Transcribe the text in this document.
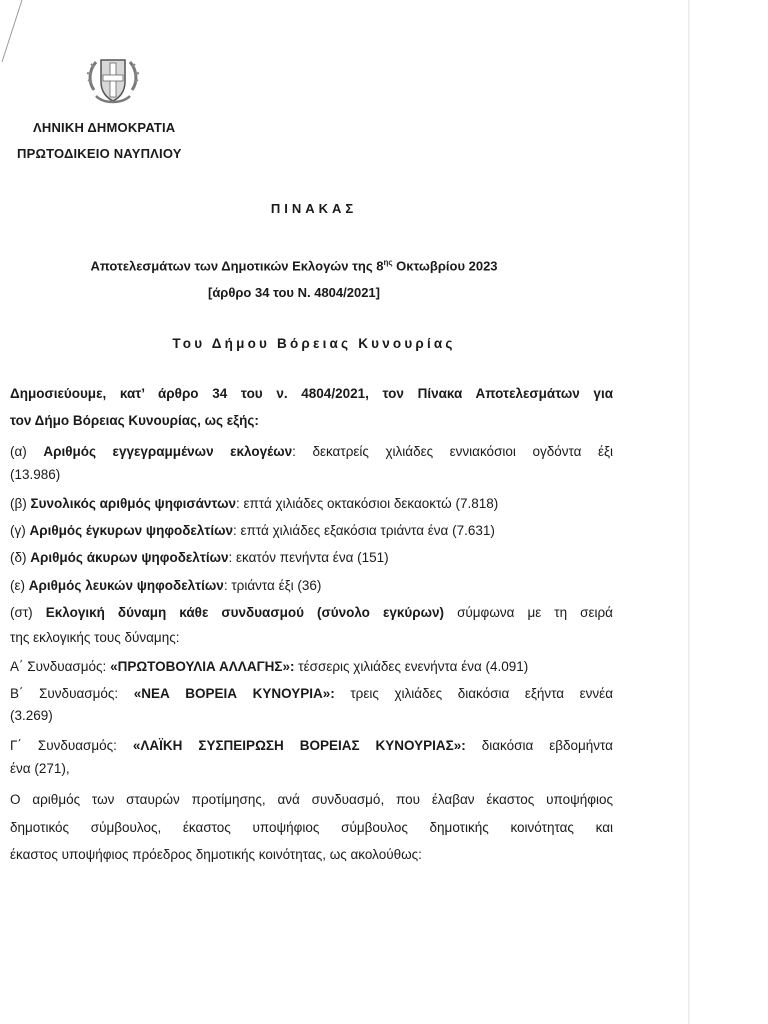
ΛΗΝΙΚΗ ΔΗΜΟΚΡΑΤΙΑ
ΠΡΩΤΟΔΙΚΕΙΟ ΝΑΥΠΛΙΟΥ
ΠΙΝΑΚΑΣ
Αποτελεσμάτων των Δημοτικών Εκλογών της $8^{\eta\varsigma}$ Οκτωβρίου 2023
[άρθρο 34 του Ν. 4804/2021]
Του Δήμου Βόρειας Κυνουρίας
Δημοσιεύουμε, κατ’ άρθρο 34 του ν. 4804/2021, τον Πίνακα Αποτελεσμάτων για
τον Δήμο Βόρειας Κυνουρίας, ως εξής:
(α) Αριθμός εγγεγραμμένων εκλογέων: δεκατρείς χιλιάδες εννιακόσιοι ογδόντα έξι
(13.986)
(β) Συνολικός αριθμός ψηφισάντων: επτά χιλιάδες οκτακόσιοι δεκαοκτώ (7.818)
(γ) Αριθμός έγκυρων ψηφοδελτίων: επτά χιλιάδες εξακόσια τριάντα ένα (7.631)
(δ) Αριθμός άκυρων ψηφοδελτίων: εκατόν πενήντα ένα (151)
(ε) Αριθμός λευκών ψηφοδελτίων: τριάντα έξι (36)
(στ) Εκλογική δύναμη κάθε συνδυασμού (σύνολο εγκύρων) σύμφωνα με τη σειρά
της εκλογικής τους δύναμης:
Α΄ Συνδυασμός: «ΠΡΩΤΟΒΟΥΛΙΑ ΑΛΛΑΓΗΣ»: τέσσερις χιλιάδες ενενήντα ένα (4.091)
Β΄ Συνδυασμός: «ΝΕΑ ΒΟΡΕΙΑ ΚΥΝΟΥΡΙΑ»: τρεις χιλιάδες διακόσια εξήντα εννέα
(3.269)
Γ΄ Συνδυασμός: «ΛΑΪΚΗ ΣΥΣΠΕΙΡΩΣΗ ΒΟΡΕΙΑΣ ΚΥΝΟΥΡΙΑΣ»: διακόσια εβδομήντα
ένα (271),
Ο αριθμός των σταυρών προτίμησης, ανά συνδυασμό, που έλαβαν έκαστος υποψήφιος
δημοτικός σύμβουλος, έκαστος υποψήφιος σύμβουλος δημοτικής κοινότητας και
έκαστος υποψήφιος πρόεδρος δημοτικής κοινότητας, ως ακολούθως:
